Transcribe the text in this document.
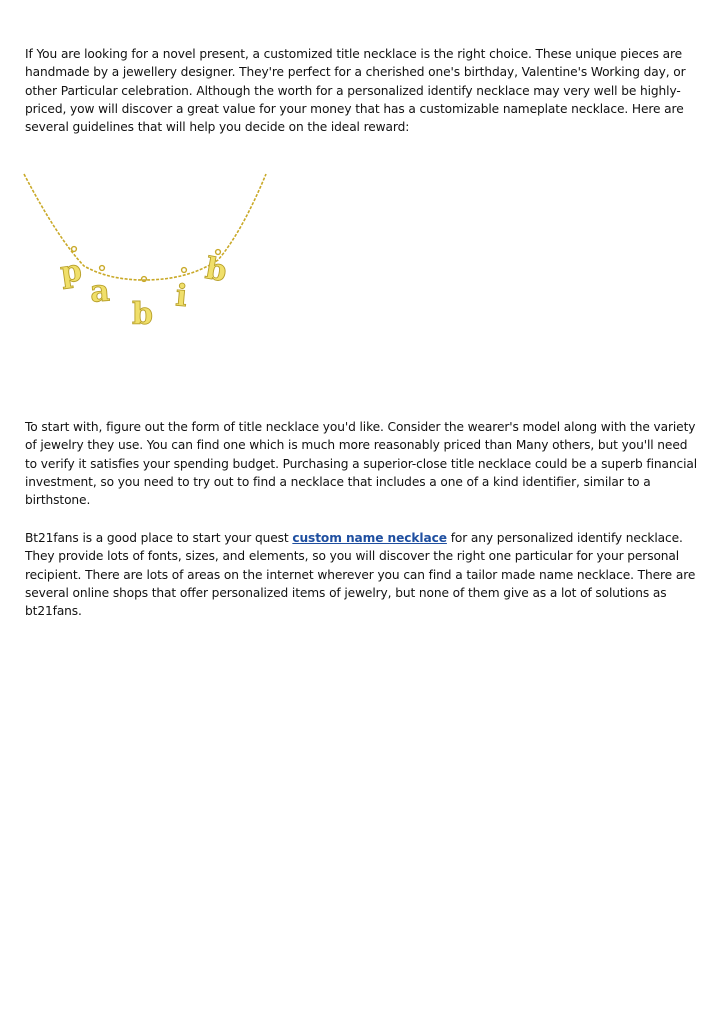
If You are looking for a novel present, a customized title necklace is the right choice. These unique pieces are handmade by a jewellery designer. They're perfect for a cherished one's birthday, Valentine's Working day, or other Particular celebration. Although the worth for a personalized identify necklace may very well be highly-priced, yow will discover a great value for your money that has a customizable nameplate necklace. Here are several guidelines that will help you decide on the ideal reward:

p
a
b
i
b

To start with, figure out the form of title necklace you'd like. Consider the wearer's model along with the variety of jewelry they use. You can find one which is much more reasonably priced than Many others, but you'll need to verify it satisfies your spending budget. Purchasing a superior-close title necklace could be a superb financial investment, so you need to try out to find a necklace that includes a one of a kind identifier, similar to a birthstone.

Bt21fans is a good place to start your quest custom name necklace for any personalized identify necklace. They provide lots of fonts, sizes, and elements, so you will discover the right one particular for your personal recipient. There are lots of areas on the internet wherever you can find a tailor made name necklace. There are several online shops that offer personalized items of jewelry, but none of them give as a lot of solutions as bt21fans.
